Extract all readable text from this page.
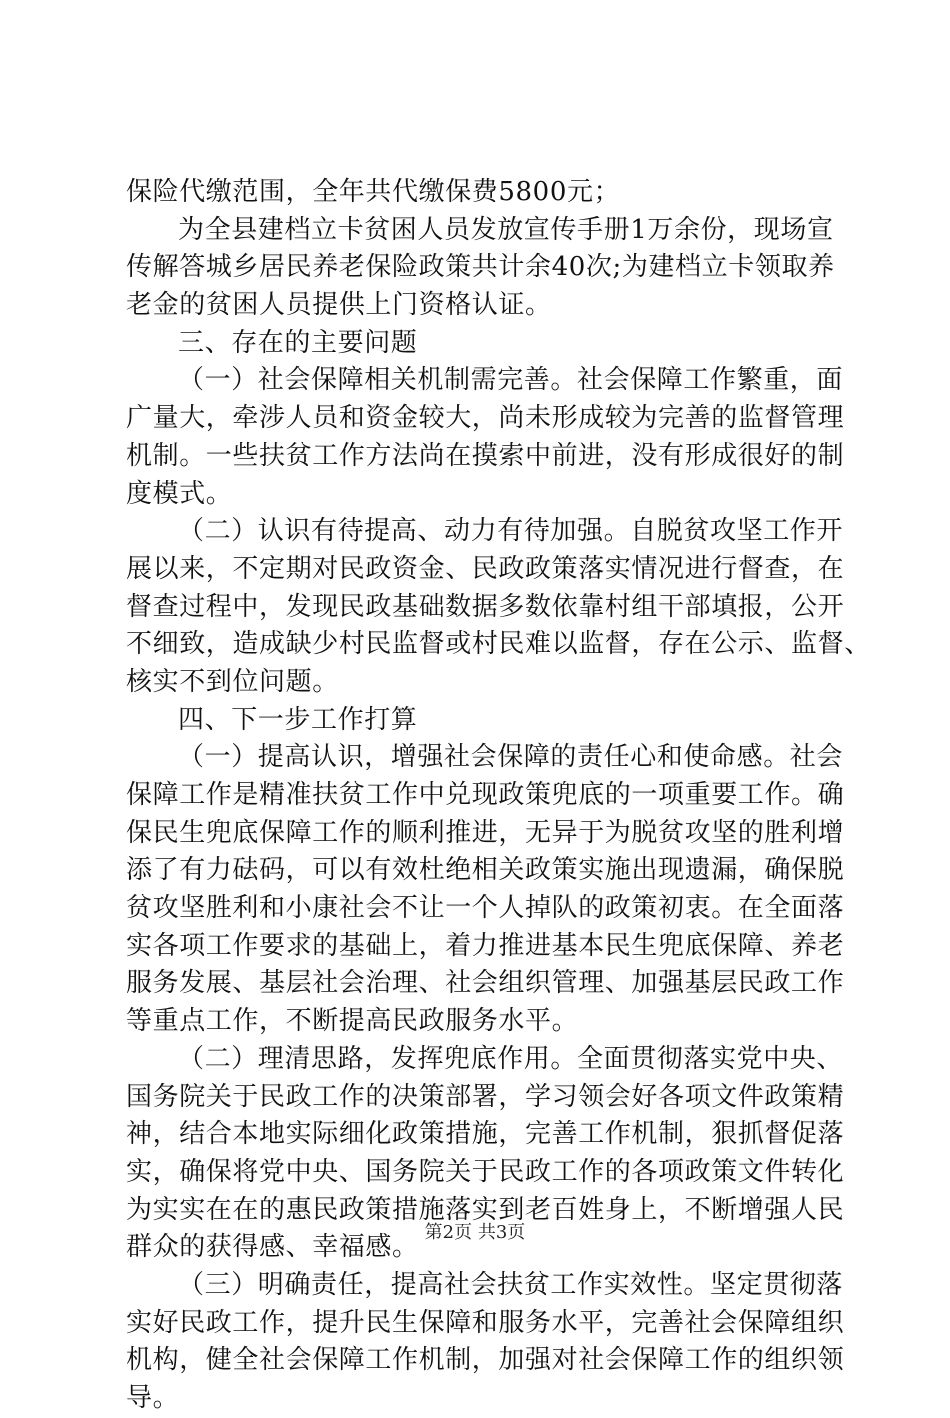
保险代缴范围，全年共代缴保费5800元；
为全县建档立卡贫困人员发放宣传手册1万余份，现场宣
传解答城乡居民养老保险政策共计余40次;为建档立卡领取养
老金的贫困人员提供上门资格认证。
三、存在的主要问题
（一）社会保障相关机制需完善。社会保障工作繁重，面
广量大，牵涉人员和资金较大，尚未形成较为完善的监督管理
机制。一些扶贫工作方法尚在摸索中前进，没有形成很好的制
度模式。
（二）认识有待提高、动力有待加强。自脱贫攻坚工作开
展以来，不定期对民政资金、民政政策落实情况进行督查，在
督查过程中，发现民政基础数据多数依靠村组干部填报，公开
不细致，造成缺少村民监督或村民难以监督，存在公示、监督、
核实不到位问题。
四、下一步工作打算
（一）提高认识，增强社会保障的责任心和使命感。社会
保障工作是精准扶贫工作中兑现政策兜底的一项重要工作。确
保民生兜底保障工作的顺利推进，无异于为脱贫攻坚的胜利增
添了有力砝码，可以有效杜绝相关政策实施出现遗漏，确保脱
贫攻坚胜利和小康社会不让一个人掉队的政策初衷。在全面落
实各项工作要求的基础上，着力推进基本民生兜底保障、养老
服务发展、基层社会治理、社会组织管理、加强基层民政工作
等重点工作，不断提高民政服务水平。
（二）理清思路，发挥兜底作用。全面贯彻落实党中央、
国务院关于民政工作的决策部署，学习领会好各项文件政策精
神，结合本地实际细化政策措施，完善工作机制，狠抓督促落
实，确保将党中央、国务院关于民政工作的各项政策文件转化
为实实在在的惠民政策措施落实到老百姓身上，不断增强人民
群众的获得感、幸福感。
（三）明确责任，提高社会扶贫工作实效性。坚定贯彻落
实好民政工作，提升民生保障和服务水平，完善社会保障组织
机构，健全社会保障工作机制，加强对社会保障工作的组织领
导。
第2页 共3页
